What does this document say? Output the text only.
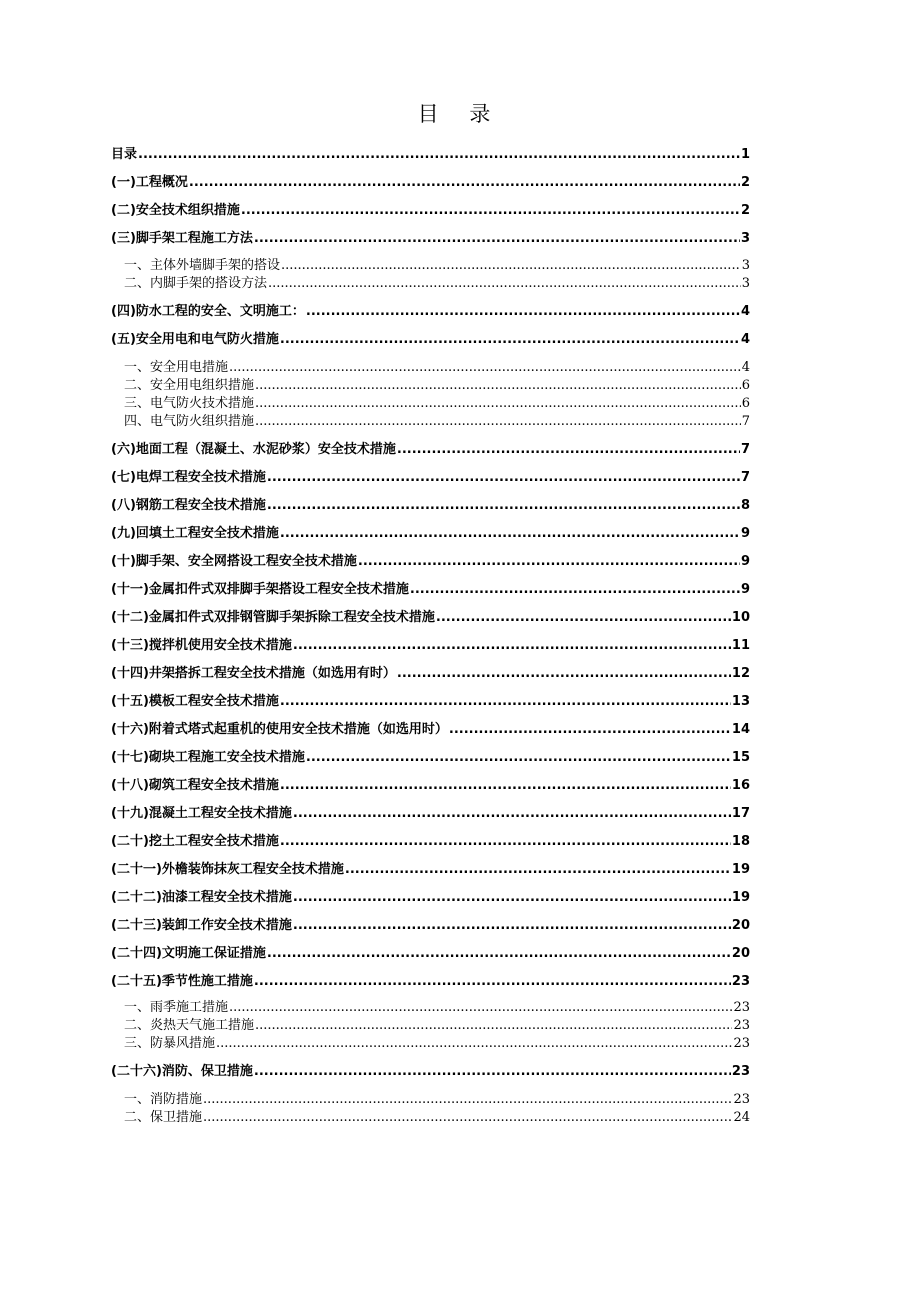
目 录
目录 .....	1
(一) 工程概况 .....	2
(二) 安全技术组织措施 .....	2
(三) 脚手架工程施工方法 .....	3
一、主体外墙脚手架的搭设 .....	3
二、内脚手架的搭设方法 .....	3
(四) 防水工程的安全、文明施工： .....	4
(五) 安全用电和电气防火措施 .....	4
一、安全用电措施 .....	4
二、安全用电组织措施 .....	6
三、电气防火技术措施 .....	6
四、电气防火组织措施 .....	7
(六) 地面工程（混凝土、水泥砂浆）安全技术措施 .....	7
(七) 电焊工程安全技术措施 .....	7
(八) 钢筋工程安全技术措施 .....	8
(九) 回填土工程安全技术措施 .....	9
(十) 脚手架、安全网搭设工程安全技术措施 .....	9
(十一) 金属扣件式双排脚手架搭设工程安全技术措施 .....	9
(十二) 金属扣件式双排钢管脚手架拆除工程安全技术措施 .....	10
(十三) 搅拌机使用安全技术措施 .....	11
(十四) 井架搭拆工程安全技术措施（如选用有时） .....	12
(十五) 模板工程安全技术措施 .....	13
(十六) 附着式塔式起重机的使用安全技术措施（如选用时） .....	14
(十七) 砌块工程施工安全技术措施 .....	15
(十八) 砌筑工程安全技术措施 .....	16
(十九) 混凝土工程安全技术措施 .....	17
(二十) 挖土工程安全技术措施 .....	18
(二十一) 外檐装饰抹灰工程安全技术措施 .....	19
(二十二) 油漆工程安全技术措施 .....	19
(二十三) 装卸工作安全技术措施 .....	20
(二十四) 文明施工保证措施 .....	20
(二十五) 季节性施工措施 .....	23
一、雨季施工措施 .....	23
二、炎热天气施工措施 .....	23
三、防暴风措施 .....	23
(二十六) 消防、保卫措施 .....	23
一、消防措施 .....	23
二、保卫措施 .....	24
